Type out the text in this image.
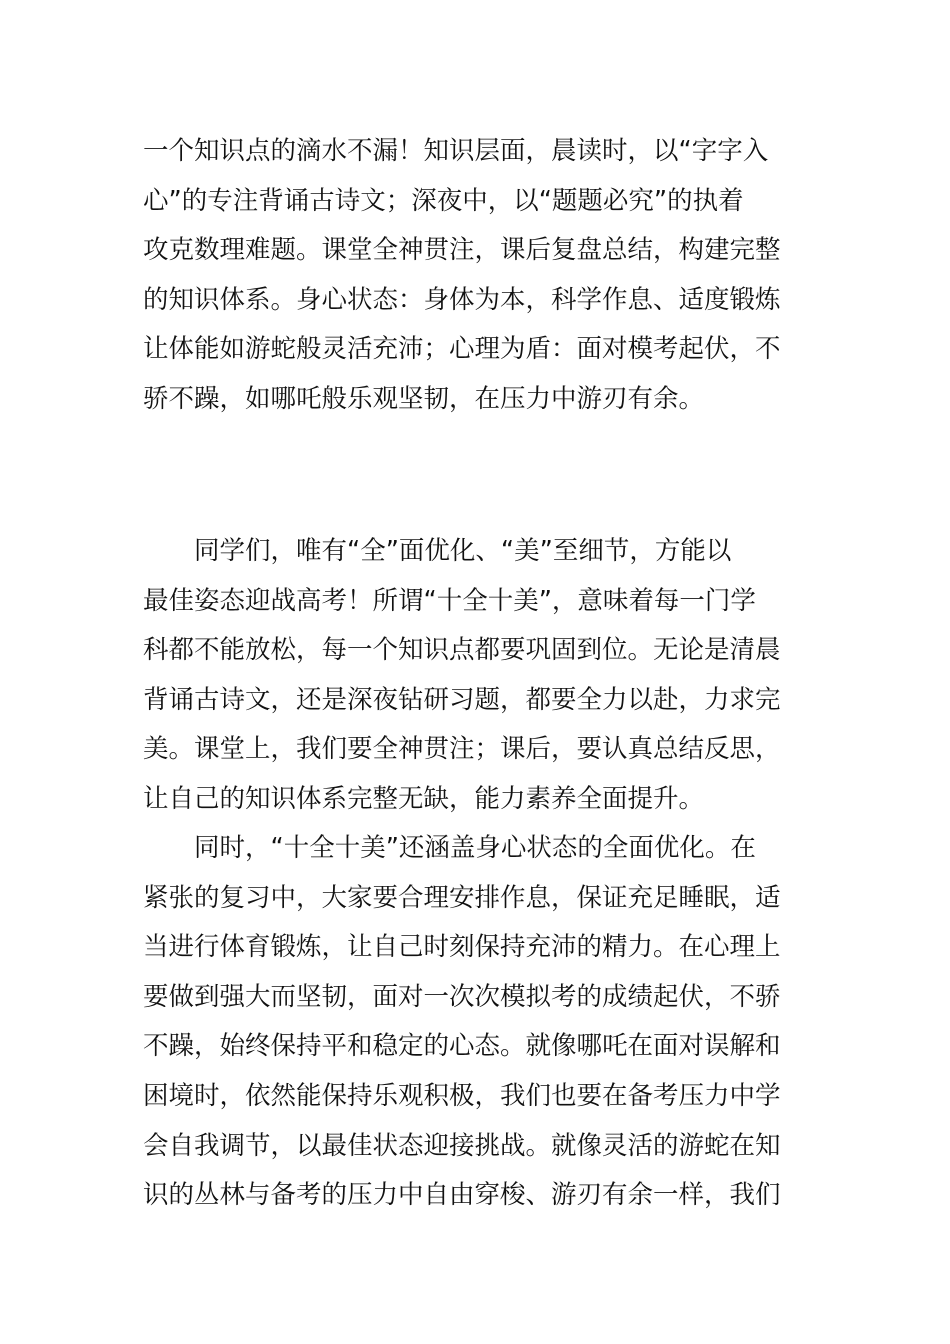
一个知识点的滴水不漏！知识层面，晨读时，以“字字入
心”的专注背诵古诗文；深夜中，以“题题必究”的执着
攻克数理难题。课堂全神贯注，课后复盘总结，构建完整
的知识体系。身心状态：身体为本，科学作息、适度锻炼
让体能如游蛇般灵活充沛；心理为盾：面对模考起伏，不
骄不躁，如哪吒般乐观坚韧，在压力中游刃有余。
　　同学们，唯有“全”面优化、“美”至细节，方能以
最佳姿态迎战高考！所谓“十全十美”，意味着每一门学
科都不能放松，每一个知识点都要巩固到位。无论是清晨
背诵古诗文，还是深夜钻研习题，都要全力以赴，力求完
美。课堂上，我们要全神贯注；课后，要认真总结反思，
让自己的知识体系完整无缺，能力素养全面提升。
　　同时，“十全十美”还涵盖身心状态的全面优化。在
紧张的复习中，大家要合理安排作息，保证充足睡眠，适
当进行体育锻炼，让自己时刻保持充沛的精力。在心理上
要做到强大而坚韧，面对一次次模拟考的成绩起伏，不骄
不躁，始终保持平和稳定的心态。就像哪吒在面对误解和
困境时，依然能保持乐观积极，我们也要在备考压力中学
会自我调节，以最佳状态迎接挑战。就像灵活的游蛇在知
识的丛林与备考的压力中自由穿梭、游刃有余一样，我们
